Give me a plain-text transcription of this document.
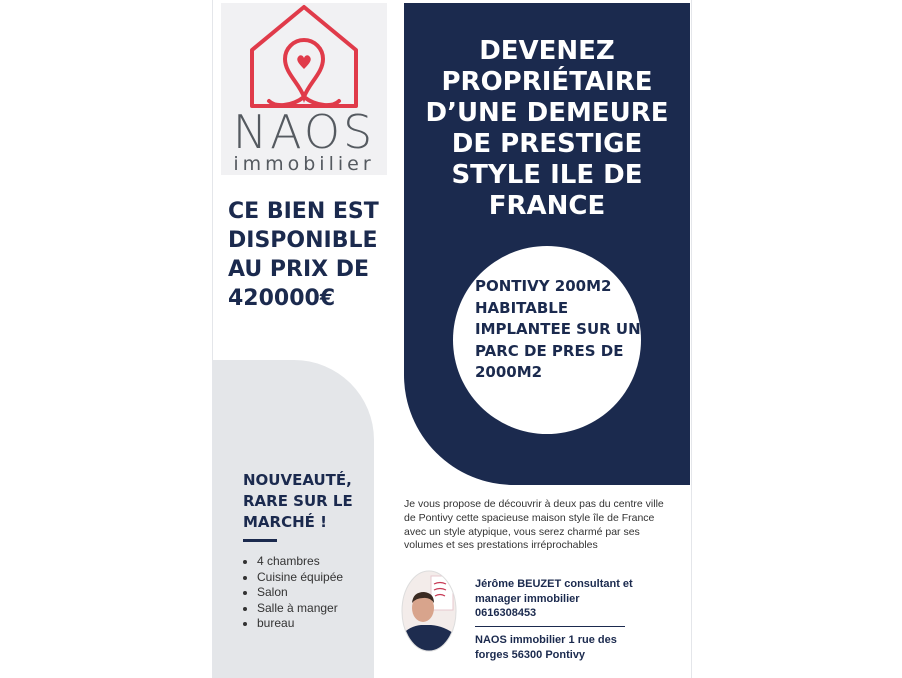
NAOS
immobilier

CE BIEN EST DISPONIBLE AU PRIX DE 420000€

DEVENEZ PROPRIÉTAIRE D’UNE DEMEURE DE PRESTIGE STYLE ILE DE FRANCE

PONTIVY 200M2 HABITABLE IMPLANTEE SUR UN PARC DE PRES DE 2000M2

NOUVEAUTÉ, RARE SUR LE MARCHÉ !

• 4 chambres
• Cuisine équipée
• Salon
• Salle à manger
• bureau

Je vous propose de découvrir à deux pas du centre ville de Pontivy cette spacieuse maison style île de France avec un style atypique, vous serez charmé par ses volumes et ses prestations irréprochables

Jérôme BEUZET consultant et manager immobilier

0616308453

NAOS immobilier 1 rue des forges 56300 Pontivy
